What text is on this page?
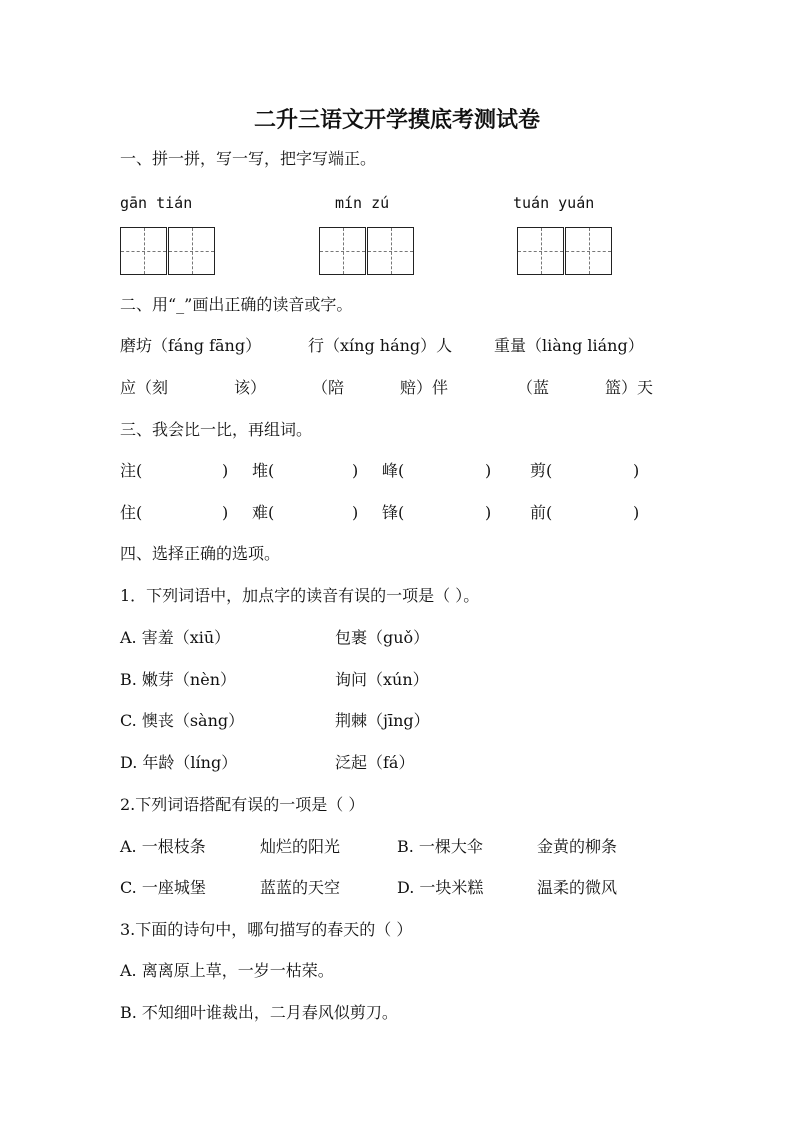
二升三语文开学摸底考测试卷
一、拼一拼，写一写，把字写端正。
gān tián	mín zú	tuán yuán
二、用“_”画出正确的读音或字。
磨坊（fáng fāng）	行（xíng háng）人	重量（liàng liáng）
应（刻	该）	（陪	赔）伴	（蓝	篮）天
三、我会比一比，再组词。
注(	) 堆(	) 峰(	) 剪(	)
住(	) 难(	) 锋(	) 前(	)
四、选择正确的选项。
1．下列词语中，加点字的读音有误的一项是（ ）。
A. 害羞（xiū）	包裹（guǒ）
B. 嫩芽（nèn）	询问（xún）
C. 懊丧（sàng）	荆棘（jīng）
D. 年龄（líng）	泛起（fá）
2.下列词语搭配有误的一项是（ ）
A. 一根枝条	灿烂的阳光	B. 一棵大伞	金黄的柳条
C. 一座城堡	蓝蓝的天空	D. 一块米糕	温柔的微风
3.下面的诗句中，哪句描写的春天的（ ）
A. 离离原上草，一岁一枯荣。
B. 不知细叶谁裁出，二月春风似剪刀。
